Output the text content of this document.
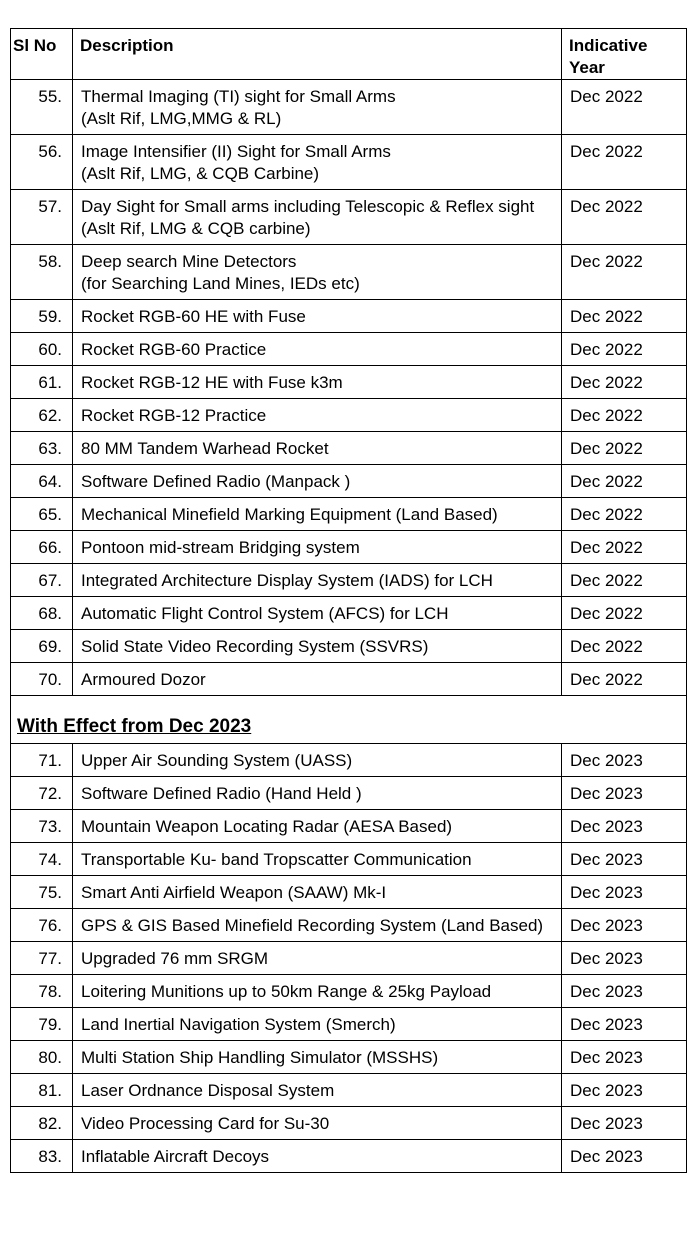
Sl No	Description	Indicative
Year
55.	Thermal Imaging (TI) sight for Small Arms
(Aslt Rif, LMG,MMG & RL)	Dec 2022
56.	Image Intensifier (II) Sight for Small Arms
(Aslt Rif, LMG, & CQB Carbine)	Dec 2022
57.	Day Sight for Small arms including Telescopic & Reflex sight
(Aslt Rif, LMG & CQB carbine)	Dec 2022
58.	Deep search Mine Detectors
(for Searching Land Mines, IEDs etc)	Dec 2022
59.	Rocket RGB-60 HE with Fuse	Dec 2022
60.	Rocket RGB-60 Practice	Dec 2022
61.	Rocket RGB-12 HE with Fuse k3m	Dec 2022
62.	Rocket RGB-12 Practice	Dec 2022
63.	80 MM Tandem Warhead Rocket	Dec 2022
64.	Software Defined Radio (Manpack )	Dec 2022
65.	Mechanical Minefield Marking Equipment (Land Based)	Dec 2022
66.	Pontoon mid-stream Bridging system	Dec 2022
67.	Integrated Architecture Display System (IADS) for LCH	Dec 2022
68.	Automatic Flight Control System (AFCS) for LCH	Dec 2022
69.	Solid State Video Recording System (SSVRS)	Dec 2022
70.	Armoured Dozor	Dec 2022

With Effect from Dec 2023		

71.	Upper Air Sounding System (UASS)	Dec 2023
72.	Software Defined Radio (Hand Held )	Dec 2023
73.	Mountain Weapon Locating Radar (AESA Based)	Dec 2023
74.	Transportable Ku- band Tropscatter Communication	Dec 2023
75.	Smart Anti Airfield Weapon (SAAW) Mk-I	Dec 2023
76.	GPS & GIS Based Minefield Recording System (Land Based)	Dec 2023
77.	Upgraded 76 mm SRGM	Dec 2023
78.	Loitering Munitions up to 50km Range & 25kg Payload	Dec 2023
79.	Land Inertial Navigation System (Smerch)	Dec 2023
80.	Multi Station Ship Handling Simulator (MSSHS)	Dec 2023
81.	Laser Ordnance Disposal System	Dec 2023
82.	Video Processing Card for Su-30	Dec 2023
83.	Inflatable Aircraft Decoys	Dec 2023
